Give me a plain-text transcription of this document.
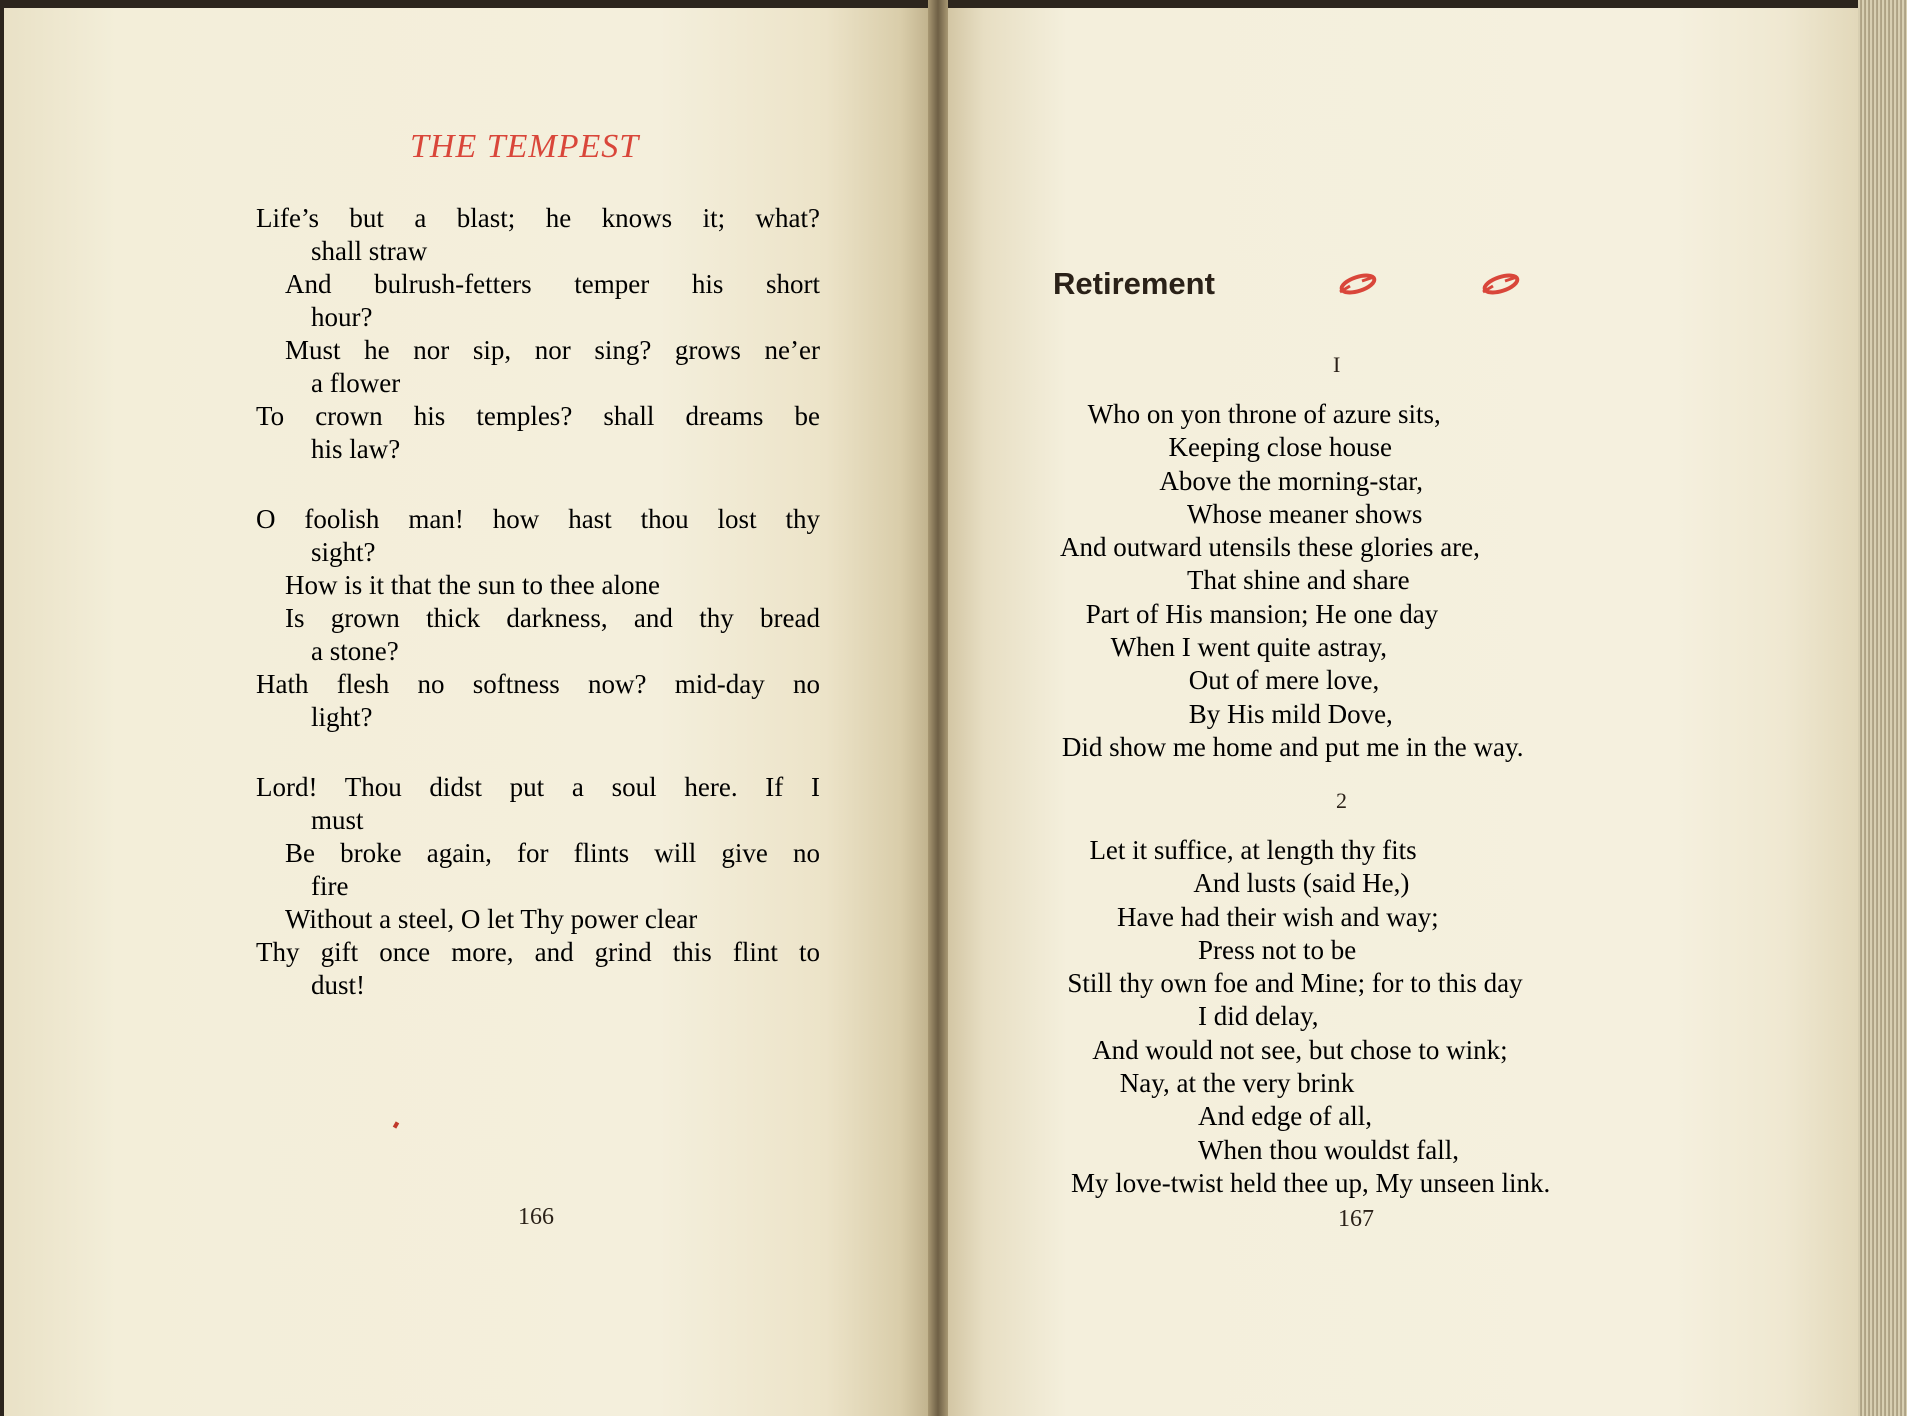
THE TEMPEST
Life’s but a blast; he knows it; what?
shall straw
And bulrush-fetters temper his short
hour?
Must he nor sip, nor sing? grows ne’er
a flower
To crown his temples? shall dreams be
his law?
O foolish man! how hast thou lost thy
sight?
How is it that the sun to thee alone
Is grown thick darkness, and thy bread
a stone?
Hath flesh no softness now? mid-day no
light?
Lord! Thou didst put a soul here. If I
must
Be broke again, for flints will give no
fire
Without a steel, O let Thy power clear
Thy gift once more, and grind this flint to
dust!
Retirement
I
Who on yon throne of azure sits,
Keeping close house
Above the morning-star,
Whose meaner shows
And outward utensils these glories are,
That shine and share
Part of His mansion; He one day
When I went quite astray,
Out of mere love,
By His mild Dove,
Did show me home and put me in the way.
2
Let it suffice, at length thy fits
And lusts (said He,)
Have had their wish and way;
Press not to be
Still thy own foe and Mine; for to this day
I did delay,
And would not see, but chose to wink;
Nay, at the very brink
And edge of all,
When thou wouldst fall,
My love-twist held thee up, My unseen link.
166	167
